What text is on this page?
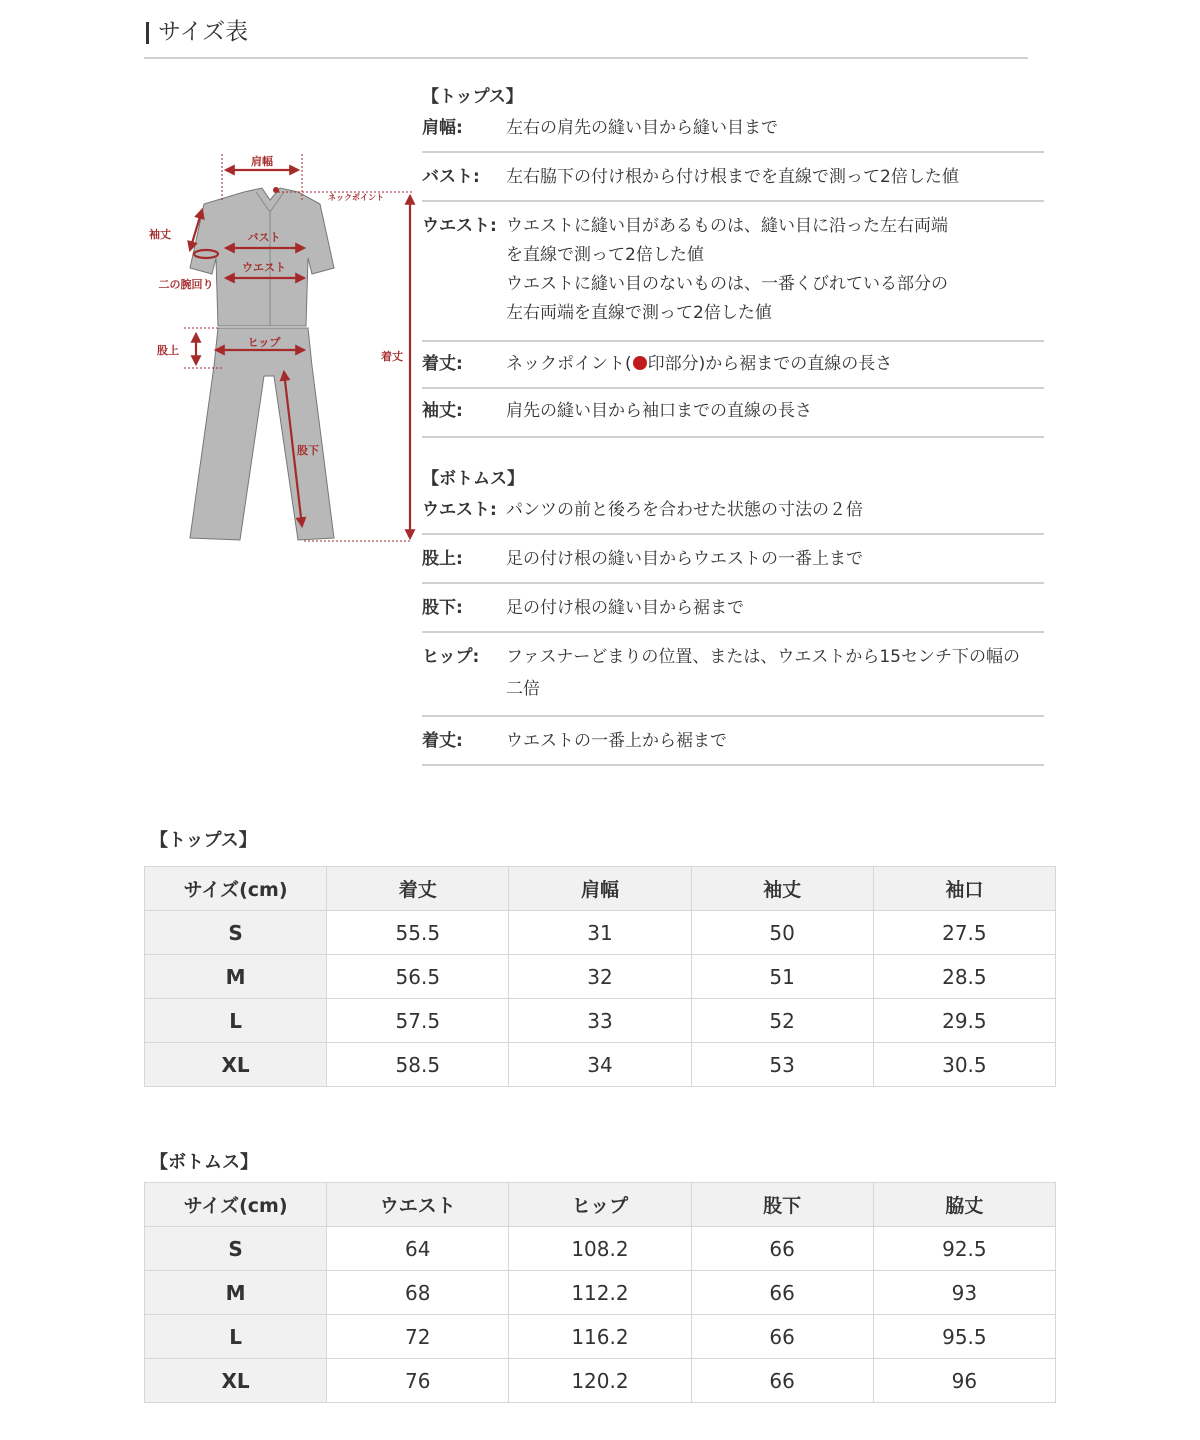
サイズ表
肩幅
ネックポイント
袖丈	バスト
ウエスト
二の腕回り
股上
ヒップ
着丈
股下
【トップス】
肩幅:	左右の肩先の縫い目から縫い目まで
バスト:	左右脇下の付け根から付け根までを直線で測って2倍した値
ウエスト: ウエストに縫い目があるものは、縫い目に沿った左右両端
を直線で測って2倍した値
ウエストに縫い目のないものは、一番くびれている部分の
左右両端を直線で測って2倍した値
着丈:	ネックポイント( 印部分)から裾までの直線の長さ
袖丈:	肩先の縫い目から袖口までの直線の長さ
【ボトムス】
ウエスト: パンツの前と後ろを合わせた状態の寸法の２倍
股上:	足の付け根の縫い目からウエストの一番上まで
股下:	足の付け根の縫い目から裾まで
ヒップ:	ファスナーどまりの位置、または、ウエストから15センチ下の幅の
二倍
着丈:	ウエストの一番上から裾まで
【トップス】
サイズ(cm)	着丈	肩幅	袖丈	袖口
S	55.5	31	50	27.5
M	56.5	32	51	28.5
L	57.5	33	52	29.5
XL	58.5	34	53	30.5
【ボトムス】
サイズ(cm)	ウエスト	ヒップ	股下	脇丈
S	64	108.2	66	92.5
M	68	112.2	66	93
L	72	116.2	66	95.5
XL	76	120.2	66	96
